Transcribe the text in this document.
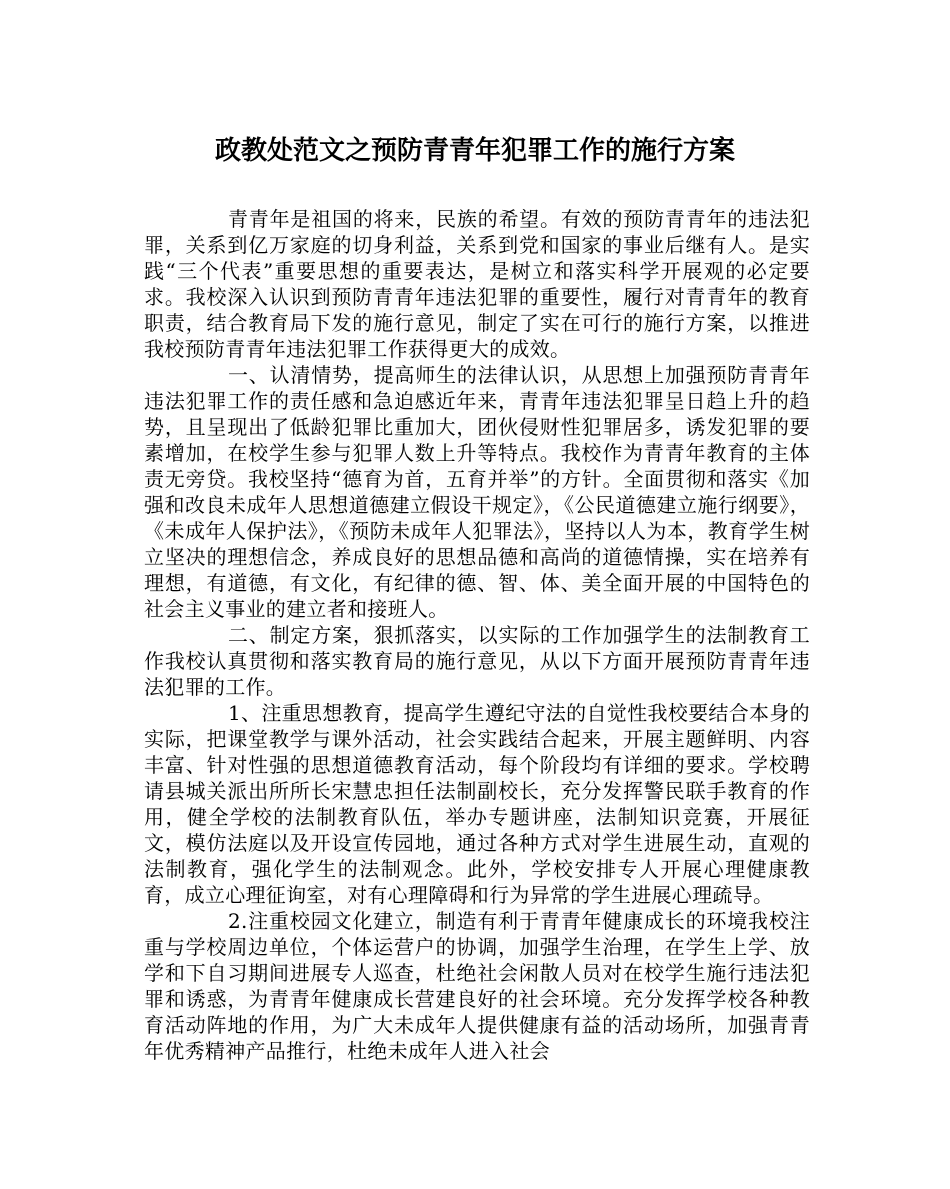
政教处范文之预防青青年犯罪工作的施行方案

青青年是祖国的将来，民族的希望。有效的预防青青年的违法犯罪，关系到亿万家庭的切身利益，关系到党和国家的事业后继有人。是实践“三个代表”重要思想的重要表达，是树立和落实科学开展观的必定要求。我校深入认识到预防青青年违法犯罪的重要性，履行对青青年的教育职责，结合教育局下发的施行意见，制定了实在可行的施行方案，以推进我校预防青青年违法犯罪工作获得更大的成效。

一、认清情势，提高师生的法律认识，从思想上加强预防青青年违法犯罪工作的责任感和急迫感近年来，青青年违法犯罪呈日趋上升的趋势，且呈现出了低龄犯罪比重加大，团伙侵财性犯罪居多，诱发犯罪的要素增加，在校学生参与犯罪人数上升等特点。我校作为青青年教育的主体责无旁贷。我校坚持“德育为首，五育并举”的方针。全面贯彻和落实《加强和改良未成年人思想道德建立假设干规定》，《公民道德建立施行纲要》，《未成年人保护法》，《预防未成年人犯罪法》，坚持以人为本，教育学生树立坚决的理想信念，养成良好的思想品德和高尚的道德情操，实在培养有理想，有道德，有文化，有纪律的德、智、体、美全面开展的中国特色的社会主义事业的建立者和接班人。

二、制定方案，狠抓落实，以实际的工作加强学生的法制教育工作我校认真贯彻和落实教育局的施行意见，从以下方面开展预防青青年违法犯罪的工作。

1、注重思想教育，提高学生遵纪守法的自觉性我校要结合本身的实际，把课堂教学与课外活动，社会实践结合起来，开展主题鲜明、内容丰富、针对性强的思想道德教育活动，每个阶段均有详细的要求。学校聘请县城关派出所所长宋慧忠担任法制副校长，充分发挥警民联手教育的作用，健全学校的法制教育队伍，举办专题讲座，法制知识竞赛，开展征文，模仿法庭以及开设宣传园地，通过各种方式对学生进展生动，直观的法制教育，强化学生的法制观念。此外，学校安排专人开展心理健康教育，成立心理征询室，对有心理障碍和行为异常的学生进展心理疏导。

2.注重校园文化建立，制造有利于青青年健康成长的环境我校注重与学校周边单位，个体运营户的协调，加强学生治理，在学生上学、放学和下自习期间进展专人巡查，杜绝社会闲散人员对在校学生施行违法犯罪和诱惑，为青青年健康成长营建良好的社会环境。充分发挥学校各种教育活动阵地的作用，为广大未成年人提供健康有益的活动场所，加强青青年优秀精神产品推行，杜绝未成年人进入社会
